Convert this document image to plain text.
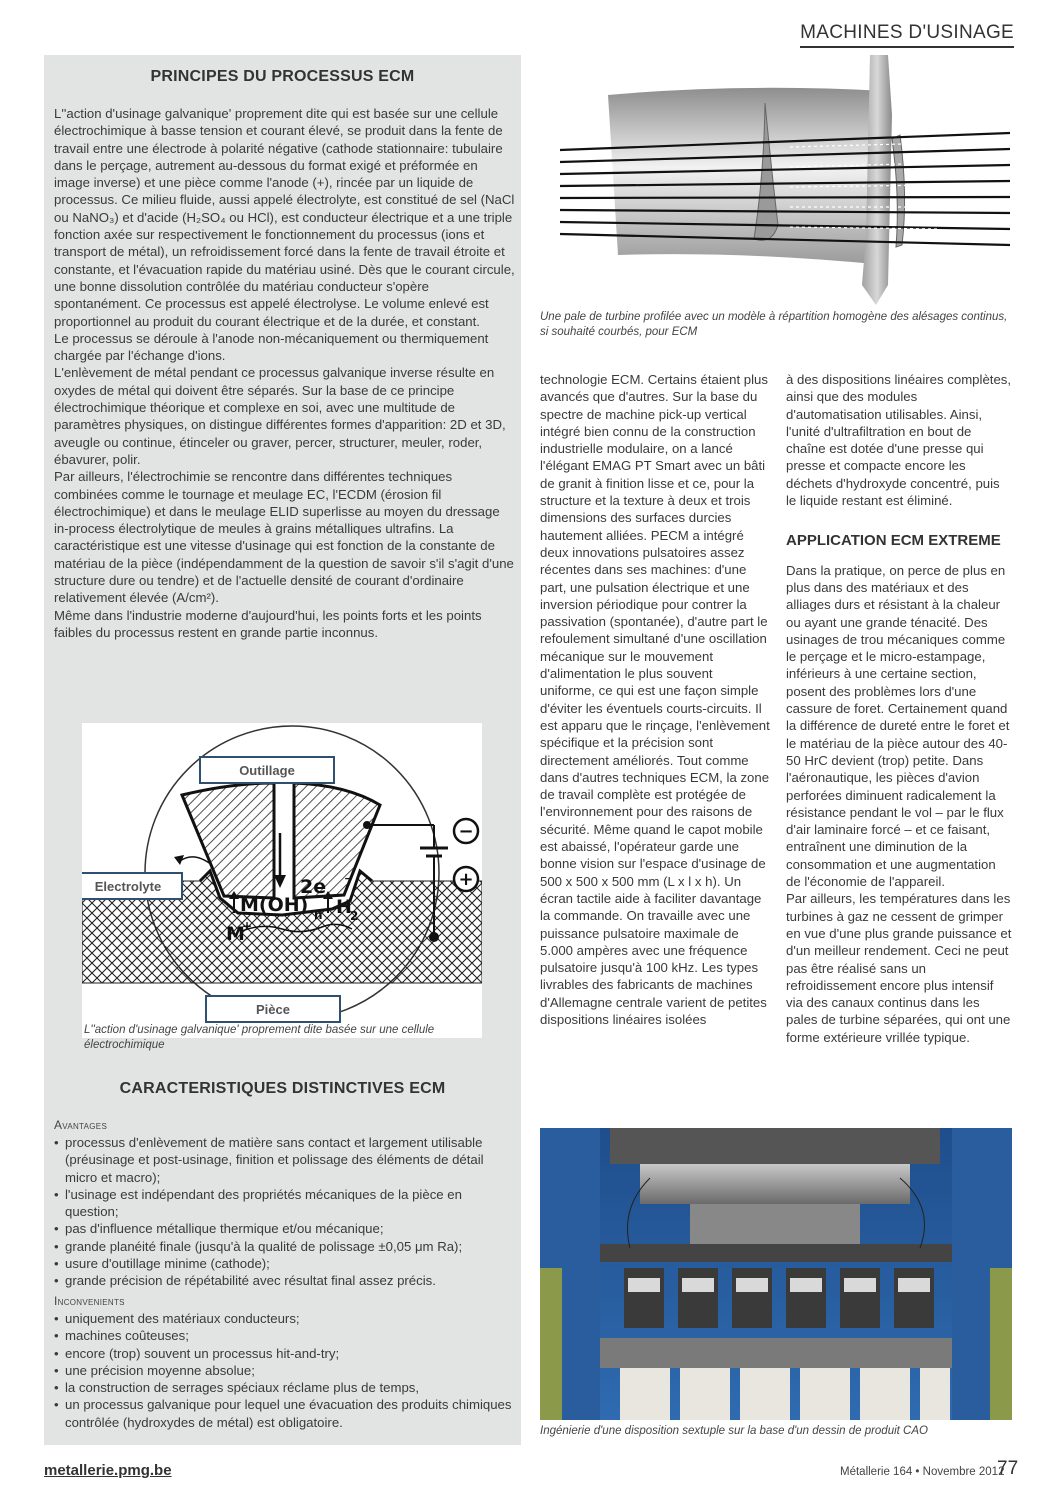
MACHINES D'USINAGE
PRINCIPES DU PROCESSUS ECM

L''action d'usinage galvanique' proprement dite qui est basée sur une cellule électrochimique à basse tension et courant élevé, se produit dans la fente de travail entre une électrode à polarité négative (cathode stationnaire: tubulaire dans le perçage, autrement au-dessous du format exigé et préformée en image inverse) et une pièce comme l'anode (+), rincée par un liquide de processus. Ce milieu fluide, aussi appelé électrolyte, est constitué de sel (NaCl ou NaNO₃) et d'acide (H₂SO₄ ou HCl), est conducteur électrique et a une triple fonction axée sur respectivement le fonctionnement du processus (ions et transport de métal), un refroidissement forcé dans la fente de travail étroite et constante, et l'évacuation rapide du matériau usiné. Dès que le courant circule, une bonne dissolution contrôlée du matériau conducteur s'opère spontanément. Ce processus est appelé électrolyse. Le volume enlevé est proportionnel au produit du courant électrique et de la durée, et constant.

Le processus se déroule à l'anode non-mécaniquement ou thermiquement chargée par l'échange d'ions.

L'enlèvement de métal pendant ce processus galvanique inverse résulte en oxydes de métal qui doivent être séparés. Sur la base de ce principe électrochimique théorique et complexe en soi, avec une multitude de paramètres physiques, on distingue différentes formes d'apparition: 2D et 3D, aveugle ou continue, étinceler ou graver, percer, structurer, meuler, roder, ébavurer, polir.

Par ailleurs, l'électrochimie se rencontre dans différentes techniques combinées comme le tournage et meulage EC, l'ECDM (érosion fil électrochimique) et dans le meulage ELID superlisse au moyen du dressage in-process électrolytique de meules à grains métalliques ultrafins. La caractéristique est une vitesse d'usinage qui est fonction de la constante de matériau de la pièce (indépendamment de la question de savoir s'il s'agit d'une structure dure ou tendre) et de l'actuelle densité de courant d'ordinaire relativement élevée (A/cm²).

Même dans l'industrie moderne d'aujourd'hui, les points forts et les points faibles du processus restent en grande partie inconnus.

−
+
2e −
M(OH) n H
2
M
+
Outillage
Electrolyte
Pièce
L''action d'usinage galvanique' proprement dite basée sur une cellule électrochimique
CARACTERISTIQUES DISTINCTIVES ECM
Avantages
• processus d'enlèvement de matière sans contact et largement utilisable (préusinage et post-usinage, finition et polissage des éléments de détail micro et macro);
• l'usinage est indépendant des propriétés mécaniques de la pièce en question;
• pas d'influence métallique thermique et/ou mécanique;
• grande planéité finale (jusqu'à la qualité de polissage ±0,05 μm Ra);
• usure d'outillage minime (cathode);
• grande précision de répétabilité avec résultat final assez précis.
Inconvenients
• uniquement des matériaux conducteurs;
• machines coûteuses;
• encore (trop) souvent un processus hit-and-try;
• une précision moyenne absolue;
• la construction de serrages spéciaux réclame plus de temps,
• un processus galvanique pour lequel une évacuation des produits chimiques contrôlée (hydroxydes de métal) est obligatoire.
Une pale de turbine profilée avec un modèle à répartition homogène des alésages continus, si souhaité courbés, pour ECM

technologie ECM. Certains étaient plus avancés que d'autres. Sur la base du spectre de machine pick-up vertical intégré bien connu de la construction industrielle modulaire, on a lancé l'élégant EMAG PT Smart avec un bâti de granit à finition lisse et ce, pour la structure et la texture à deux et trois dimensions des surfaces durcies hautement alliées. PECM a intégré deux innovations pulsatoires assez récentes dans ses machines: d'une part, une pulsation électrique et une inversion périodique pour contrer la passivation (spontanée), d'autre part le refoulement simultané d'une oscillation mécanique sur le mouvement d'alimentation le plus souvent uniforme, ce qui est une façon simple d'éviter les éventuels courts-circuits. Il est apparu que le rinçage, l'enlèvement spécifique et la précision sont directement améliorés. Tout comme dans d'autres techniques ECM, la zone de travail complète est protégée de l'environnement pour des raisons de sécurité. Même quand le capot mobile est abaissé, l'opérateur garde une bonne vision sur l'espace d'usinage de 500 x 500 x 500 mm (L x l x h). Un écran tactile aide à faciliter davantage la commande. On travaille avec une puissance pulsatoire maximale de 5.000 ampères avec une fréquence pulsatoire jusqu'à 100 kHz. Les types livrables des fabricants de machines d'Allemagne centrale varient de petites dispositions linéaires isolées

à des dispositions linéaires complètes, ainsi que des modules d'automatisation utilisables. Ainsi, l'unité d'ultrafiltration en bout de chaîne est dotée d'une presse qui presse et compacte encore les déchets d'hydroxyde concentré, puis le liquide restant est éliminé.

APPLICATION ECM EXTREME

Dans la pratique, on perce de plus en plus dans des matériaux et des alliages durs et résistant à la chaleur ou ayant une grande ténacité. Des usinages de trou mécaniques comme le perçage et le micro-estampage, inférieurs à une certaine section, posent des problèmes lors d'une cassure de foret. Certainement quand la différence de dureté entre le foret et le matériau de la pièce autour des 40-50 HrC devient (trop) petite. Dans l'aéronautique, les pièces d'avion perforées diminuent radicalement la résistance pendant le vol – par le flux d'air laminaire forcé – et ce faisant, entraînent une diminution de la consommation et une augmentation de l'économie de l'appareil.

Par ailleurs, les températures dans les turbines à gaz ne cessent de grimper en vue d'une plus grande puissance et d'un meilleur rendement. Ceci ne peut pas être réalisé sans un refroidissement encore plus intensif via des canaux continus dans les pales de turbine séparées, qui ont une forme extérieure vrillée typique.

Ingénierie d'une disposition sextuple sur la base d'un dessin de produit CAO
metallerie.pmg.be	Métallerie 164 • Novembre 2012
77
